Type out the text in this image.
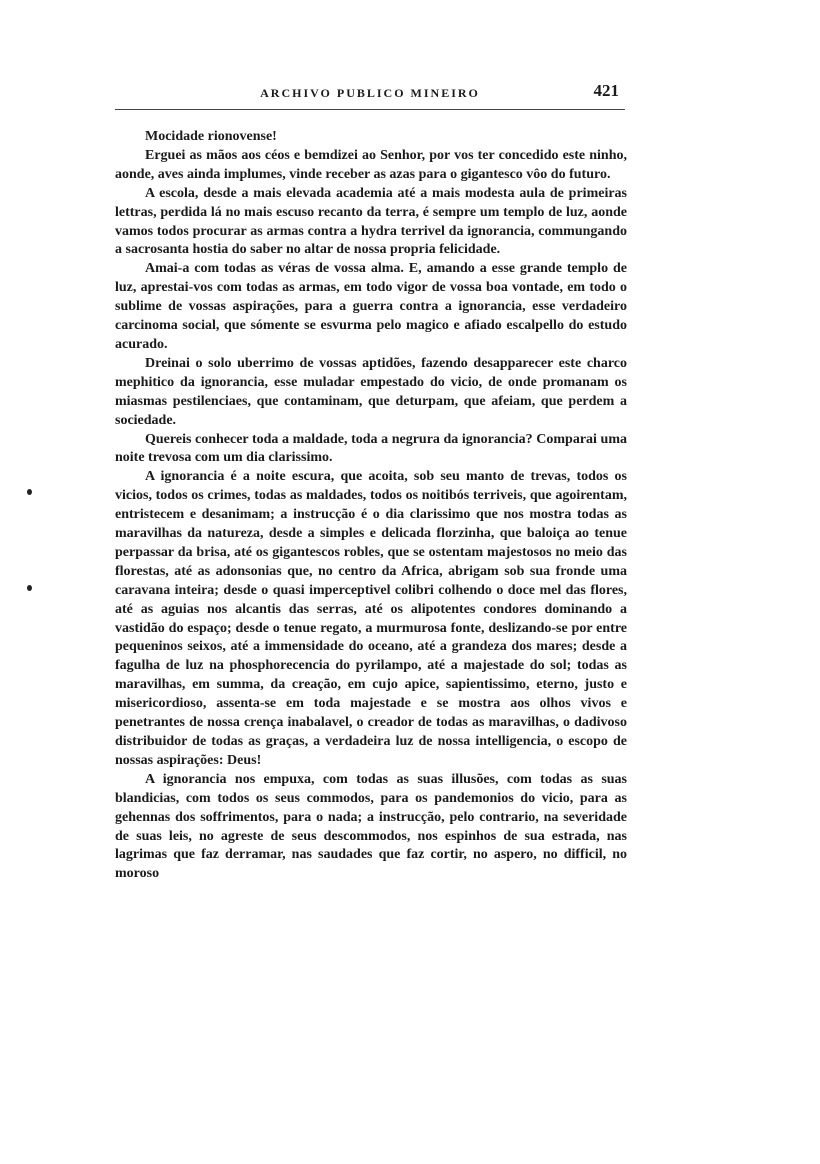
ARCHIVO PUBLICO MINEIRO	421

Mocidade rionovense!

Erguei as mãos aos céos e bemdizei ao Senhor, por vos ter concedido este ninho, aonde, aves ainda implumes, vinde receber as azas para o gigantesco vôo do futuro.

A escola, desde a mais elevada academia até a mais modesta aula de primeiras lettras, perdida lá no mais escuso recanto da terra, é sempre um templo de luz, aonde vamos todos procurar as armas contra a hydra terrivel da ignorancia, commungando a sacrosanta hostia do saber no altar de nossa propria felicidade.

Amai-a com todas as véras de vossa alma. E, amando a esse grande templo de luz, aprestai-vos com todas as armas, em todo vigor de vossa boa vontade, em todo o sublime de vossas aspirações, para a guerra contra a ignorancia, esse verdadeiro carcinoma social, que sómente se esvurma pelo magico e afiado escalpello do estudo acurado.

Dreinai o solo uberrimo de vossas aptidões, fazendo desapparecer este charco mephitico da ignorancia, esse muladar empestado do vicio, de onde promanam os miasmas pestilenciaes, que contaminam, que deturpam, que afeiam, que perdem a sociedade.

Quereis conhecer toda a maldade, toda a negrura da ignorancia? Comparai uma noite trevosa com um dia clarissimo.

A ignorancia é a noite escura, que acoita, sob seu manto de trevas, todos os vicios, todos os crimes, todas as maldades, todos os noitibós terriveis, que agoirentam, entristecem e desanimam; a instrucção é o dia clarissimo que nos mostra todas as maravilhas da natureza, desde a simples e delicada florzinha, que baloiça ao tenue perpassar da brisa, até os gigantescos robles, que se ostentam majestosos no meio das florestas, até as adonsonias que, no centro da Africa, abrigam sob sua fronde uma caravana inteira; desde o quasi imperceptivel colibri colhendo o doce mel das flores, até as aguias nos alcantis das serras, até os alipotentes condores dominando a vastidão do espaço; desde o tenue regato, a murmurosa fonte, deslizando-se por entre pequeninos seixos, até a immensidade do oceano, até a grandeza dos mares; desde a fagulha de luz na phosphorecencia do pyrilampo, até a majestade do sol; todas as maravilhas, em summa, da creação, em cujo apice, sapientissimo, eterno, justo e misericordioso, assenta-se em toda majestade e se mostra aos olhos vivos e penetrantes de nossa crença inabalavel, o creador de todas as maravilhas, o dadivoso distribuidor de todas as graças, a verdadeira luz de nossa intelligencia, o escopo de nossas aspirações: Deus!

A ignorancia nos empuxa, com todas as suas illusões, com todas as suas blandicias, com todos os seus commodos, para os pandemonios do vicio, para as gehennas dos soffrimentos, para o nada; a instrucção, pelo contrario, na severidade de suas leis, no agreste de seus descommodos, nos espinhos de sua estrada, nas lagrimas que faz derramar, nas saudades que faz cortir, no aspero, no difficil, no moroso
